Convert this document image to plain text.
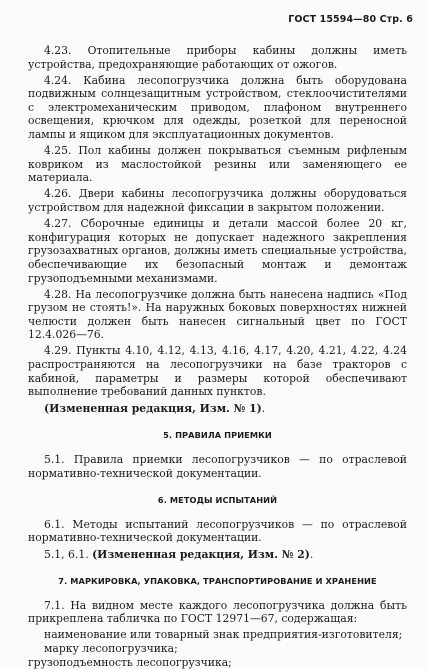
ГОСТ 15594—80 Стр. 6

4.23. Отопительные приборы кабины должны иметь устройства, предохраняющие работающих от ожогов.

4.24. Кабина лесопогрузчика должна быть оборудована подвижным солнцезащитным устройством, стеклоочистителями с электромеханическим приводом, плафоном внутреннего освещения, крючком для одежды, розеткой для переносной лампы и ящиком для эксплуатационных документов.

4.25. Пол кабины должен покрываться съемным рифленым ковриком из маслостойкой резины или заменяющего ее материала.

4.26. Двери кабины лесопогрузчика должны оборудоваться устройством для надежной фиксации в закрытом положении.

4.27. Сборочные единицы и детали массой более 20 кг, конфигурация которых не допускает надежного закрепления грузозахватных органов, должны иметь специальные устройства, обеспечивающие их безопасный монтаж и демонтаж грузоподъемными механизмами.

4.28. На лесопогрузчике должна быть нанесена надпись «Под грузом не стоять!». На наружных боковых поверхностях нижней челюсти должен быть нанесен сигнальный цвет по ГОСТ 12.4.026—76.

4.29. Пункты 4.10, 4.12, 4.13, 4.16, 4.17, 4.20, 4.21, 4.22, 4.24 распространяются на лесопогрузчики на базе тракторов с кабиной, параметры и размеры которой обеспечивают выполнение требований данных пунктов.

(Измененная редакция, Изм. № 1).

5. ПРАВИЛА ПРИЕМКИ

5.1. Правила приемки лесопогрузчиков — по отраслевой нормативно-технической документации.

6. МЕТОДЫ ИСПЫТАНИЙ

6.1. Методы испытаний лесопогрузчиков — по отраслевой нормативно-технической документации.

5.1, 6.1. (Измененная редакция, Изм. № 2).

7. МАРКИРОВКА, УПАКОВКА, ТРАНСПОРТИРОВАНИЕ И ХРАНЕНИЕ

7.1. На видном месте каждого лесопогрузчика должна быть прикреплена табличка по ГОСТ 12971—67, содержащая:

наименование или товарный знак предприятия-изготовителя;

марку лесопогрузчика;

грузоподъемность лесопогрузчика;
